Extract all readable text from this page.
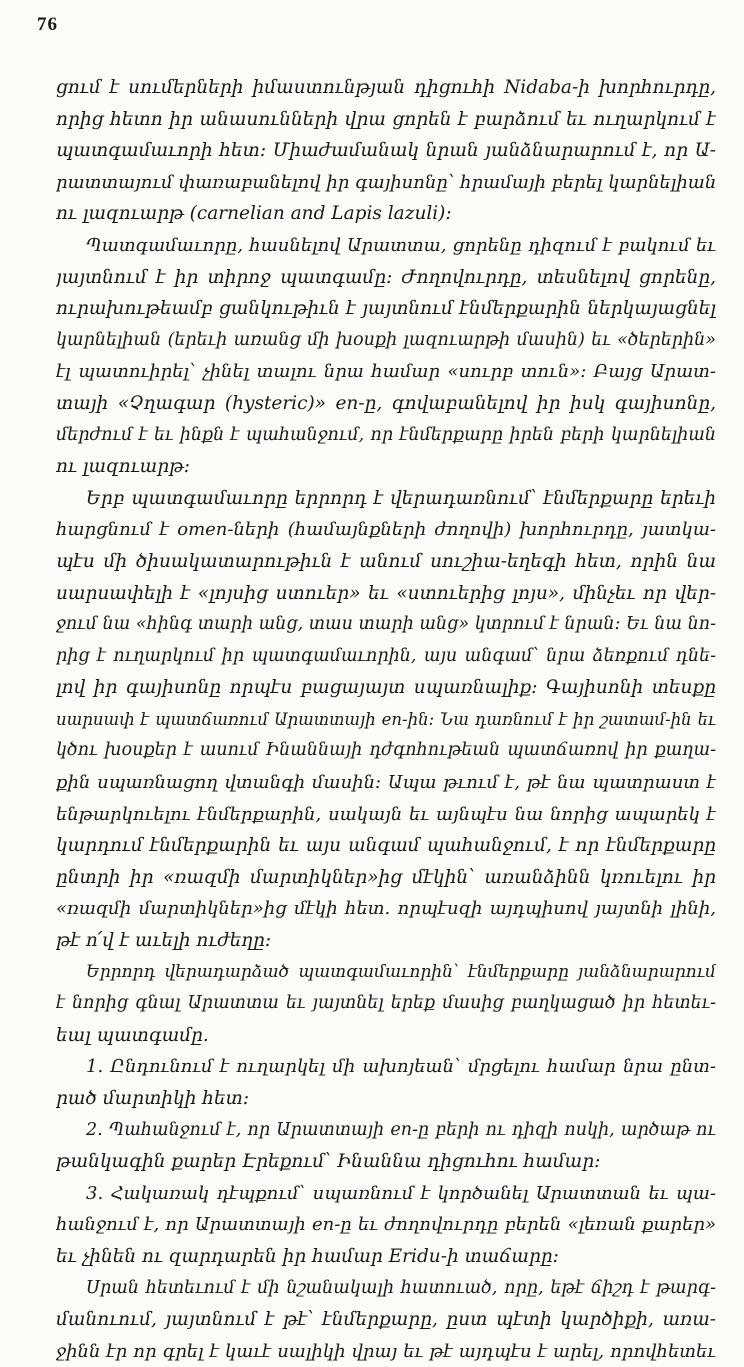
76
ցում է սումերների իմաստունթյան դիցուհի Nidaba-ի խորհուրդը,
որից հետո իր անասունների վրա ցորեն է բարձում եւ ուղարկում է
պատգամաւորի հետ: Միաժամանակ նրան յանձնարարում է, որ Ա-
րատտայում փառաբանելով իր գայիսոնը՝ հրամայի բերել կարնելիան
ու լազուարթ (carnelian and Lapis lazuli):
Պատգամաւորը, հասնելով Արատտա, ցորենը դիզում է բակում եւ
յայտնում է իր տիրոջ պատգամը: Ժողովուրդը, տեսնելով ցորենը,
ուրախութեամբ ցանկութիւն է յայտնում էնմերքարին ներկայացնել
կարնելիան (երեւի առանց մի խօսքի լազուարթի մասին) եւ «ծերերին»
էլ պատուիրել՝ չինել տալու նրա համար «սուրբ տուն»: Բայց Արատ-
տայի «Չղագար (hysteric)» en-ը, գովաբանելով իր իսկ գայիսոնը,
մերժում է եւ ինքն է պահանջում, որ էնմերքարը իրեն բերի կարնելիան
ու լազուարթ:
Երբ պատգամաւորը երրորդ է վերադառնում՝ էնմերքարը երեւի
հարցնում է omen-ների (համայնքների ժողովի) խորհուրդը, յատկա-
պէս մի ծիսակատարութիւն է անում սուշիա-եղեգի հետ, որին նա
սարսափելի է «լոյսից ստուեր» եւ «ստուերից լոյս», մինչեւ որ վեր-
ջում նա «հինգ տարի անց, տաս տարի անց» կտրում է նրան: Եւ նա նո-
րից է ուղարկում իր պատգամաւորին, այս անգամ՝ նրա ձեռքում դնե-
լով իր գայիսոնը որպէս բացայայտ սպառնալիք: Գայիսոնի տեսքը
սարսափ է պատճառում Արատտայի en-ին: Նա դառնում է իր շատամ-ին եւ
կծու խօսքեր է ասում Ինաննայի դժգոհութեան պատճառով իր քաղա-
քին սպառնացող վտանգի մասին: Ապա թւում է, թէ նա պատրաստ է
ենթարկուելու էնմերքարին, սակայն եւ այնպէս նա նորից ապարեկ է
կարդում էնմերքարին եւ այս անգամ պահանջում, է որ էնմերքարը
ընտրի իր «ռազմի մարտիկներ»ից մէկին՝ առանձինն կռուելու իր
«ռազմի մարտիկներ»ից մէկի հետ. որպէսզի այդպիսով յայտնի լինի,
թէ ո՛վ է աւելի ուժեղը:
Երրորդ վերադարձած պատգամաւորին՝ էնմերքարը յանձնարարում
է նորից գնալ Արատտա եւ յայտնել երեք մասից բաղկացած իր հետեւ-
եալ պատգամը.
1. Ընդունում է ուղարկել մի ախոյեան՝ մրցելու համար նրա ընտ-
րած մարտիկի հետ:
2. Պահանջում է, որ Արատտայի en-ը բերի ու դիզի ոսկի, արծաթ ու
թանկագին քարեր Էրեքում՝ Ինաննա դիցուհու համար:
3. Հակառակ դէպքում՝ սպառնում է կործանել Արատտան եւ պա-
հանջում է, որ Արատտայի en-ը եւ ժողովուրդը բերեն «լեռան քարեր»
եւ չինեն ու զարդարեն իր համար Eridu-ի տաճարը:
Սրան հետեւում է մի նշանակալի հատուած, որը, եթէ ճիշդ է թարգ-
մանուում, յայտնում է թէ՝ էնմերքարը, ըստ պէտի կարծիքի, առա-
ջինն էր որ գրել է կաւէ սալիկի վրայ եւ թէ այդպէս է արել, որովհետեւ
